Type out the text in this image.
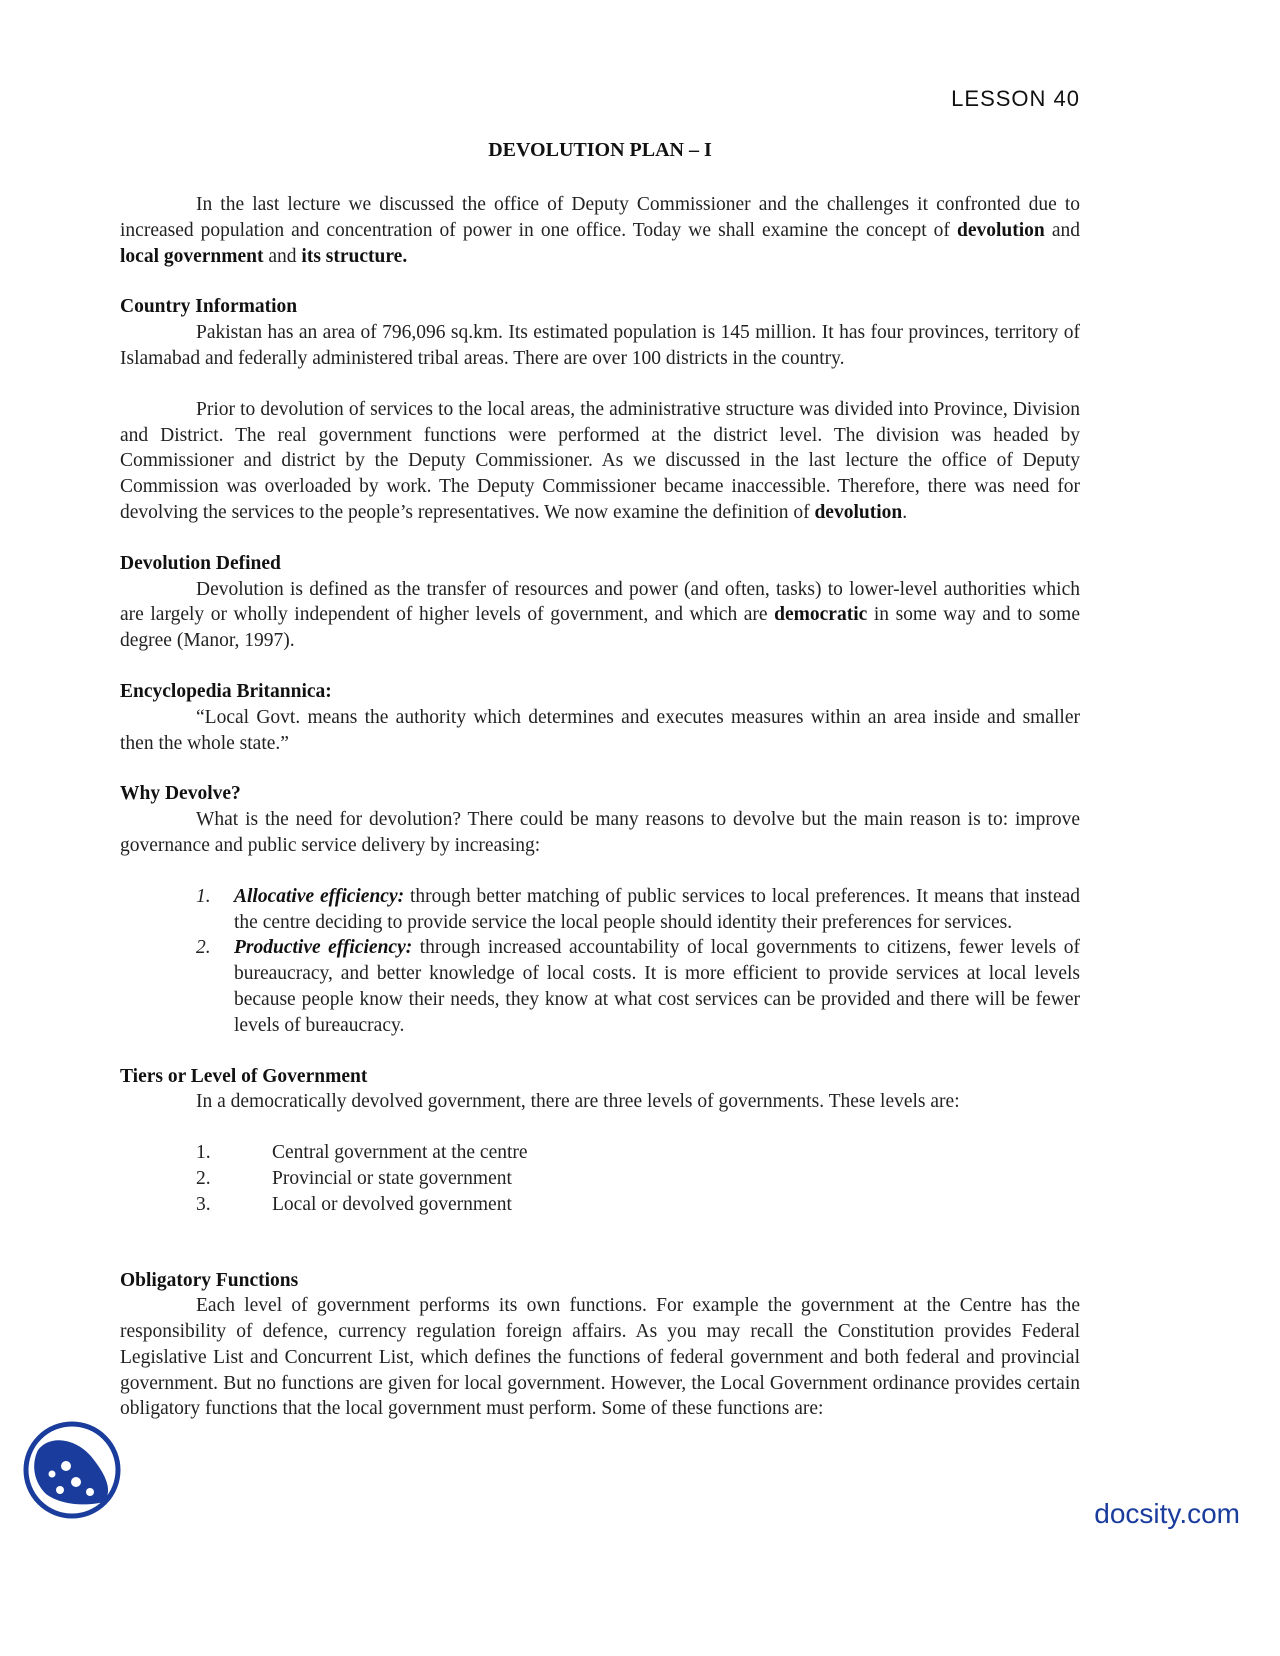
LESSON 40
DEVOLUTION PLAN – I

In the last lecture we discussed the office of Deputy Commissioner and the challenges it confronted due to increased population and concentration of power in one office. Today we shall examine the concept of devolution and local government and its structure.

Country Information

Pakistan has an area of 796,096 sq.km. Its estimated population is 145 million. It has four provinces, territory of Islamabad and federally administered tribal areas. There are over 100 districts in the country.

Prior to devolution of services to the local areas, the administrative structure was divided into Province, Division and District. The real government functions were performed at the district level. The division was headed by Commissioner and district by the Deputy Commissioner. As we discussed in the last lecture the office of Deputy Commission was overloaded by work. The Deputy Commissioner became inaccessible. Therefore, there was need for devolving the services to the people’s representatives. We now examine the definition of devolution.

Devolution Defined

Devolution is defined as the transfer of resources and power (and often, tasks) to lower-level authorities which are largely or wholly independent of higher levels of government, and which are democratic in some way and to some degree (Manor, 1997).

Encyclopedia Britannica:

“Local Govt. means the authority which determines and executes measures within an area inside and smaller then the whole state.”

Why Devolve?

What is the need for devolution? There could be many reasons to devolve but the main reason is to: improve governance and public service delivery by increasing:

1.	Allocative efficiency: through better matching of public services to local preferences. It means that instead the centre deciding to provide service the local people should identity their preferences for services.
2.	Productive efficiency: through increased accountability of local governments to citizens, fewer levels of bureaucracy, and better knowledge of local costs. It is more efficient to provide services at local levels because people know their needs, they know at what cost services can be provided and there will be fewer levels of bureaucracy.

Tiers or Level of Government

In a democratically devolved government, there are three levels of governments. These levels are:

1.	Central government at the centre
2.	Provincial or state government
3.	Local or devolved government

Obligatory Functions

Each level of government performs its own functions. For example the government at the Centre has the responsibility of defence, currency regulation foreign affairs. As you may recall the Constitution provides Federal Legislative List and Concurrent List, which defines the functions of federal government and both federal and provincial government. But no functions are given for local government. However, the Local Government ordinance provides certain obligatory functions that the local government must perform. Some of these functions are:

docsity.com
